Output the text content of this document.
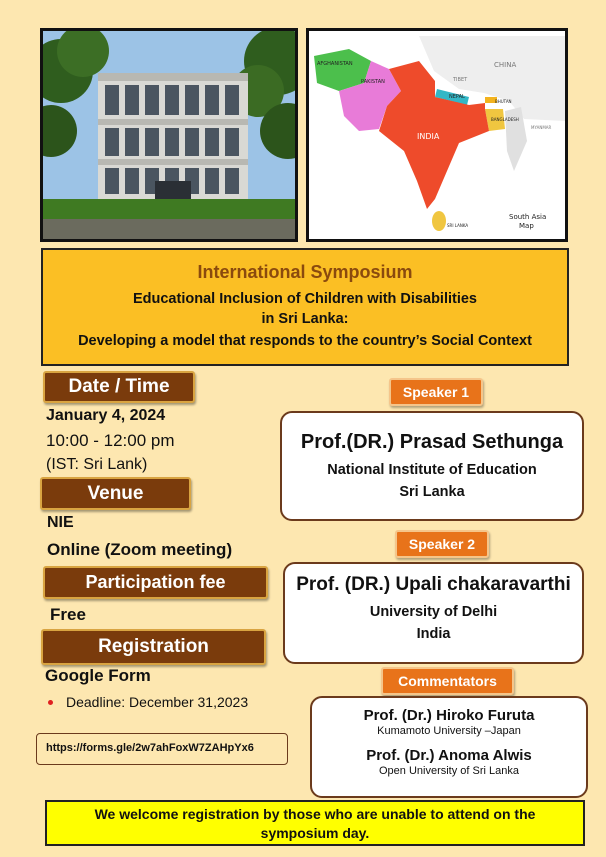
AFGHANISTAN
PAKISTAN	TIBET
CHINA
NEPAL
BHUTAN
BANGLADESH
MYANMAR
INDIA
SRI LANKA
South Asia
Map
International Symposium
Educational Inclusion of Children with Disabilities
in Sri Lanka:
Developing a model that responds to the country’s Social Context
Date / Time
January 4, 2024
10:00 - 12:00 pm
(IST: Sri Lank)
Venue
NIE
Online (Zoom meeting)
Participation fee
Free
Registration
Google Form
Deadline: December 31,2023
https://forms.gle/2w7ahFoxW7ZAHpYx6
Speaker 1
Prof.(DR.) Prasad Sethunga
National Institute of Education
Sri Lanka
Speaker 2
Prof. (DR.) Upali chakaravarthi
University of Delhi
India
Commentators
Prof. (Dr.) Hiroko Furuta
Kumamoto University –Japan
Prof. (Dr.) Anoma Alwis
Open University of Sri Lanka
We welcome registration by those who are unable to attend on the
symposium day.
